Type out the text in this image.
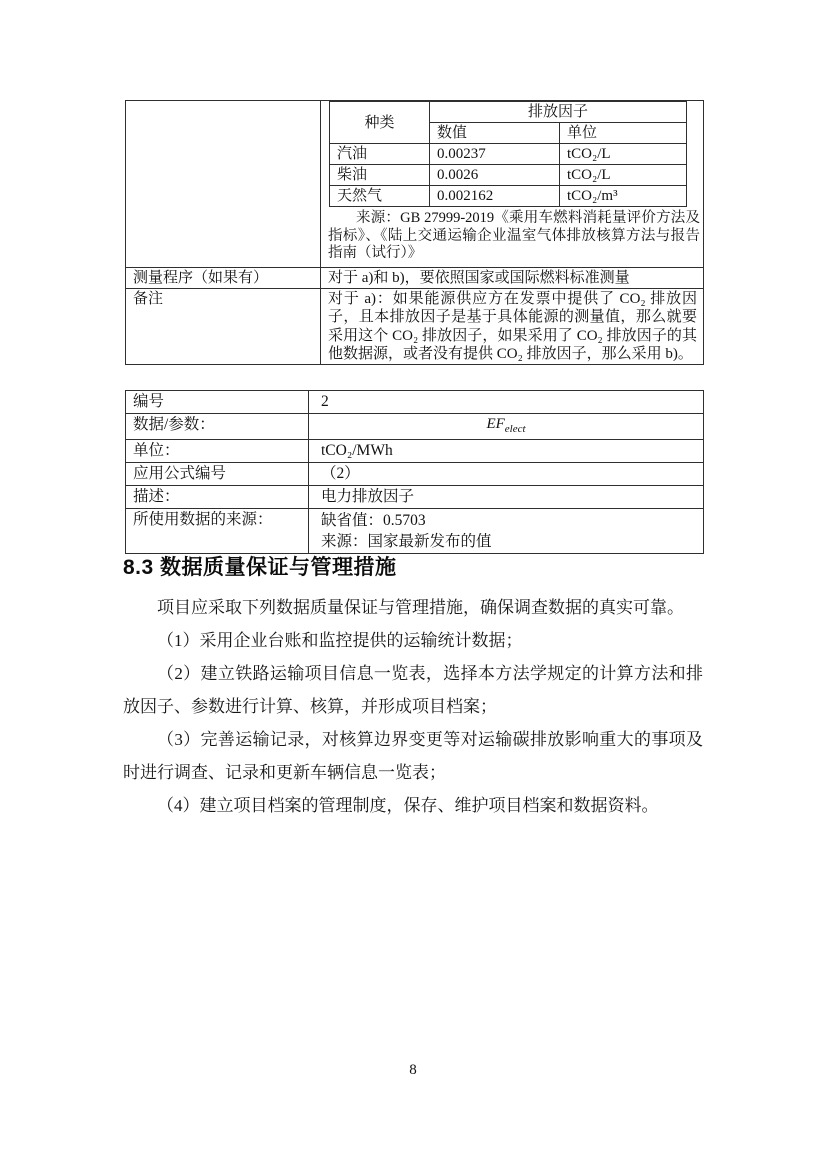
种类	排放因子
数值	单位
汽油	0.00237	tCO₂/L
柴油	0.0026	tCO₂/L
天然气	0.002162	tCO₂/m³
来源：GB 27999-2019《乘用车燃料消耗量评价方法及指标》、《陆上交通运输企业温室气体排放核算方法与报告指南（试行）》

测量程序（如果有）	对于 a)和 b)，要依照国家或国际燃料标准测量
备注	对于 a)：如果能源供应方在发票中提供了 CO₂ 排放因子，且本排放因子是基于具体能源的测量值，那么就要采用这个 CO₂ 排放因子，如果采用了 CO₂ 排放因子的其他数据源，或者没有提供 CO₂ 排放因子，那么采用 b)。
编号	2
数据/参数：	$EF_{elect}$
单位：	tCO₂/MWh
应用公式编号	（2）
描述：	电力排放因子
所使用数据的来源：	缺省值：0.5703
来源：国家最新发布的值
8.3 数据质量保证与管理措施

项目应采取下列数据质量保证与管理措施，确保调查数据的真实可靠。

（1）采用企业台账和监控提供的运输统计数据；

（2）建立铁路运输项目信息一览表，选择本方法学规定的计算方法和排放因子、参数进行计算、核算，并形成项目档案；

（3）完善运输记录，对核算边界变更等对运输碳排放影响重大的事项及时进行调查、记录和更新车辆信息一览表；

（4）建立项目档案的管理制度，保存、维护项目档案和数据资料。

8
